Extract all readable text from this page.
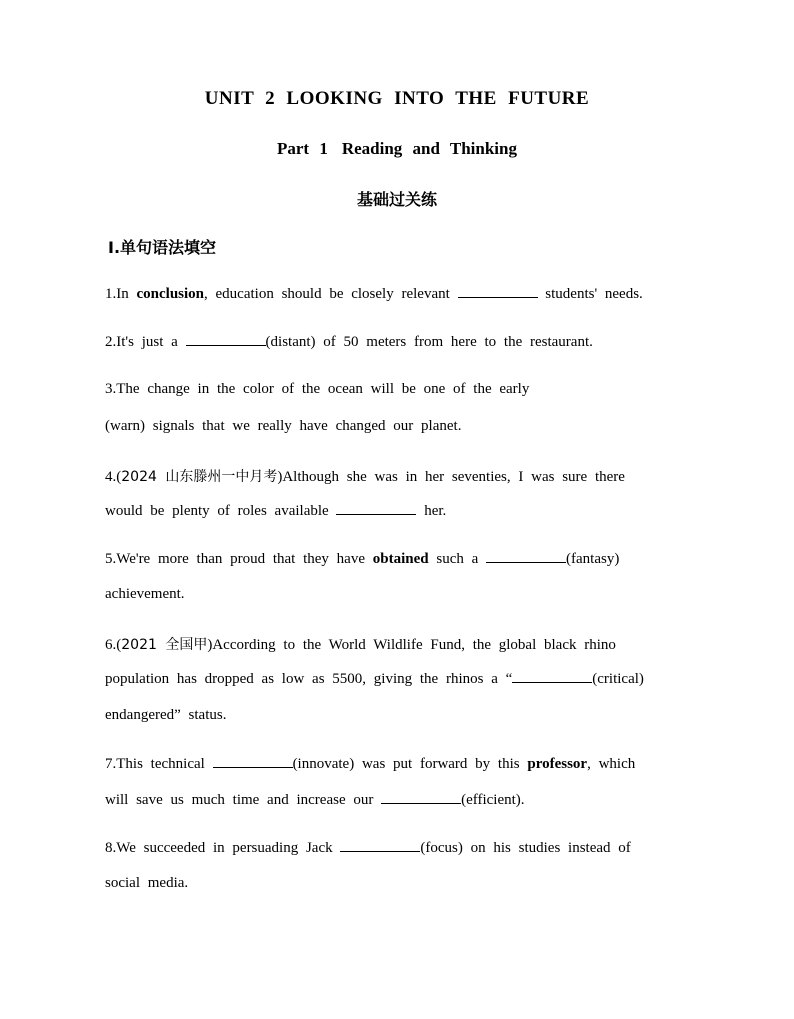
UNIT 2 LOOKING INTO THE FUTURE
Part 1 Reading and Thinking
基础过关练
Ⅰ.单句语法填空
1.In conclusion, education should be closely relevant	students' needs.
2.It's just a	(distant) of 50 meters from here to the restaurant.
3.The change in the color of the ocean will be one of the early
(warn) signals that we really have changed our planet.
4.(2024 山东滕州一中月考)Although she was in her seventies, I was sure there
would be plenty of roles available	her.
5.We're more than proud that they have obtained such a	(fantasy)
achievement.
6.(2021 全国甲)According to the World Wildlife Fund, the global black rhino
population has dropped as low as 5500, giving the rhinos a “	(critical)
endangered” status.
7.This technical	(innovate) was put forward by this professor, which
will save us much time and increase our	(efficient).
8.We succeeded in persuading Jack	(focus) on his studies instead of
social media.
